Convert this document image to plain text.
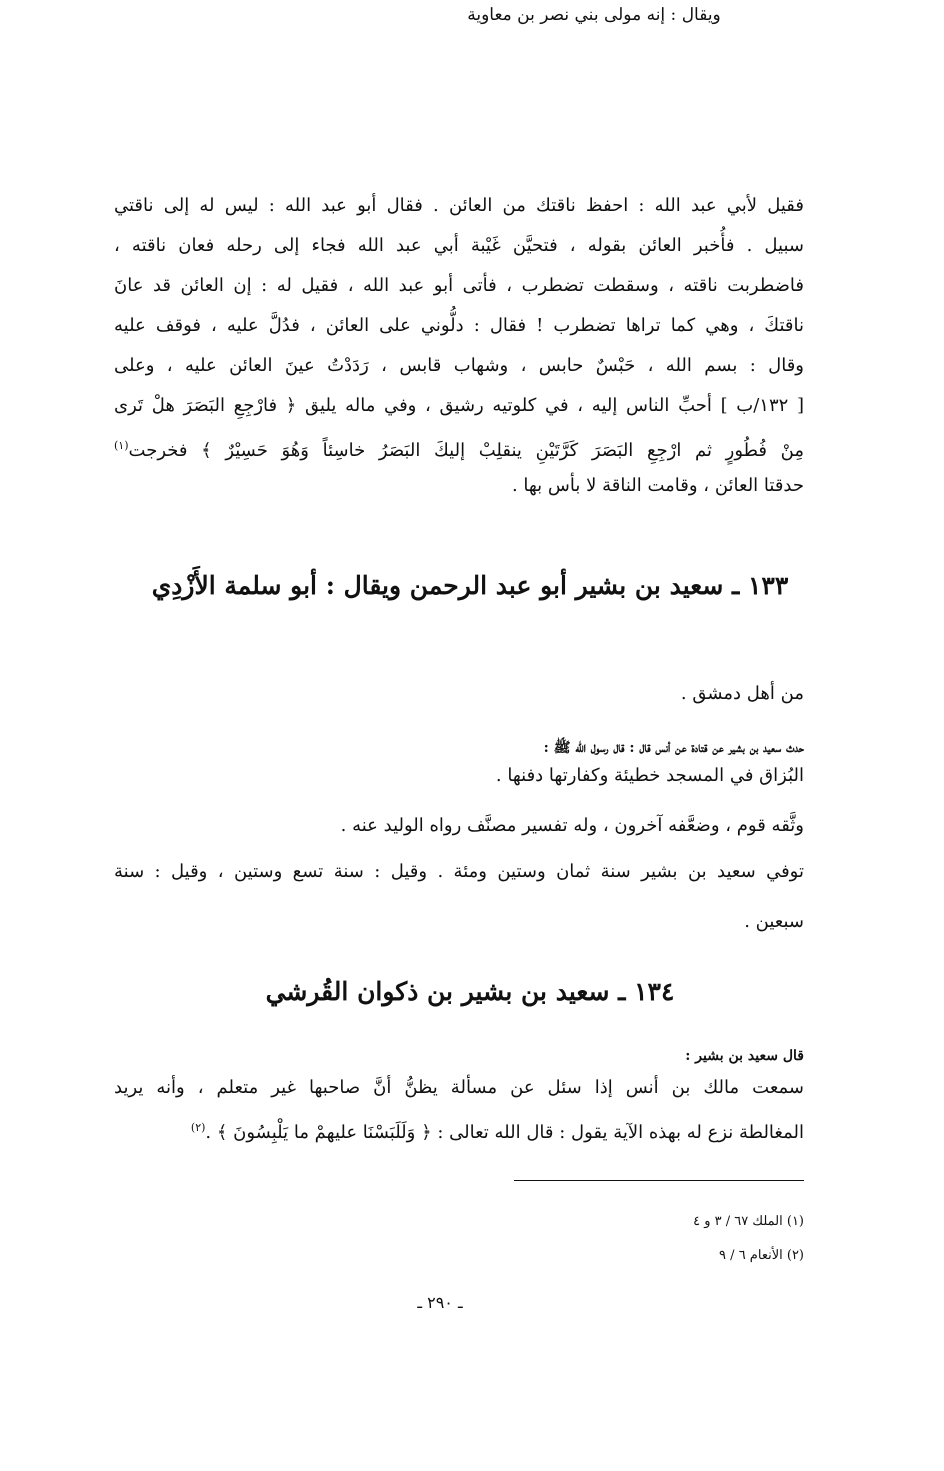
فقيل لأبي عبد الله : احفظ ناقتك من العائن . فقال أبو عبد الله : ليس له إلى ناقتي
سبيل . فأُخبر العائن بقوله ، فتحيَّن غَيْبة أبي عبد الله فجاء إلى رحله فعان ناقته ،
فاضطربت ناقته ، وسقطت تضطرب ، فأتى أبو عبد الله ، فقيل له : إن العائن قد عانَ
ناقتكَ ، وهي كما تراها تضطرب ! فقال : دلُّوني على العائن ، فدُلَّ عليه ، فوقف عليه
وقال : بسم الله ، حَبْسٌ حابس ، وشهاب قابس ، رَدَدْتُ عينَ العائن عليه ، وعلى
[ ١٣٢/ب ] أحبِّ الناس إليه ، في كلوتيه رشيق ، وفي ماله يليق ﴿ فارْجِعِ البَصَرَ هلْ تَرى
مِنْ فُطُورٍ ثم ارْجِعِ البَصَرَ كَرَّتَيْنِ ينقلِبْ إليكَ البَصَرُ خاسِئاً وَهُوَ حَسِيْرٌ ﴾ فخرجت$^{(١)}$
حدقتا العائن ، وقامت الناقة لا بأس بها .
١٣٣ ـ سعيد بن بشير أبو عبد الرحمن ويقال : أبو سلمة الأَزْدِي
ويقال : إنه مولى بني نصر بن معاوية
من أهل دمشق .
حدث سعيد بن بشير عن قتادة عن أنس قال : قال رسول الله ﷺ :
البُزاق في المسجد خطيئة وكفارتها دفنها .
وثَّقه قوم ، وضعَّفه آخرون ، وله تفسير مصنَّف رواه الوليد عنه .
توفي سعيد بن بشير سنة ثمان وستين ومئة . وقيل : سنة تسع وستين ، وقيل : سنة
سبعين .
١٣٤ ـ سعيد بن بشير بن ذكوان القُرشي
قال سعيد بن بشير :
سمعت مالك بن أنس إذا سئل عن مسألة يظنُّ أنَّ صاحبها غير متعلم ، وأنه يريد
المغالطة نزع له بهذه الآية يقول : قال الله تعالى : ﴿ وَلَلَبَسْنَا عليهمْ ما يَلْبِسُونَ ﴾ .$^{(٢)}$
(١) الملك ٦٧ / ٣ و ٤
(٢) الأنعام ٦ / ٩
ـ ٢٩٠ ـ
